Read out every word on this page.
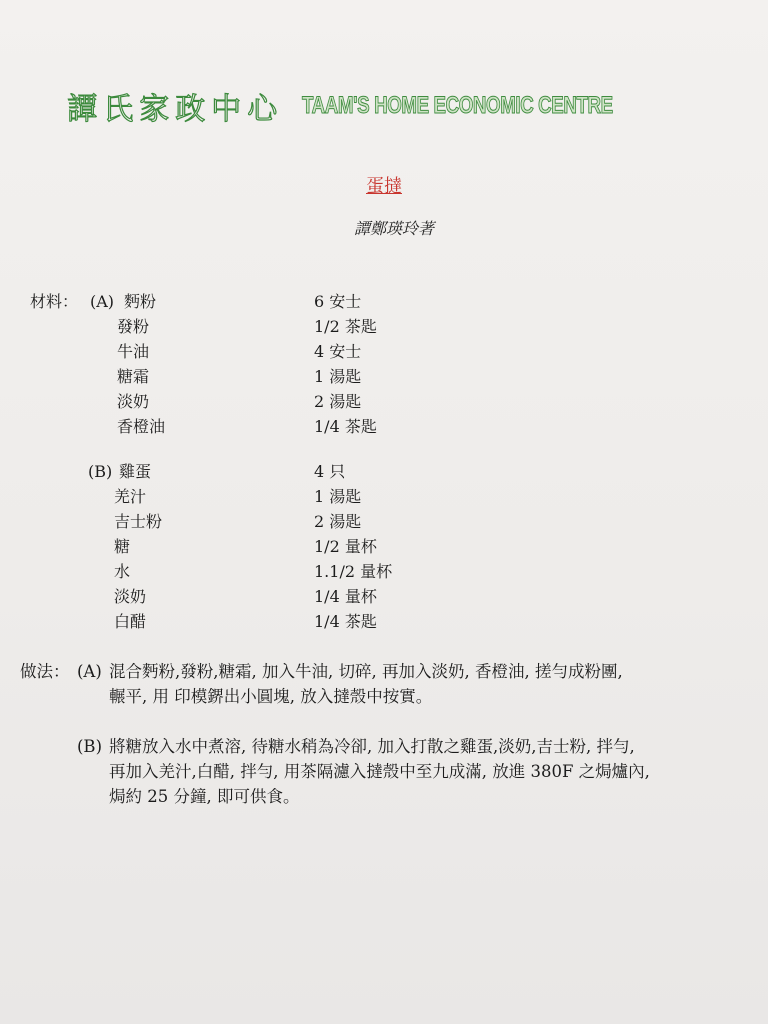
譚氏家政中心 TAAM'S HOME ECONOMIC CENTRE
蛋撻
譚鄭瑛玲著
材料： (A) 麪粉	6 安士
發粉	1/2 茶匙
牛油	4 安士
糖霜	1 湯匙
淡奶	2 湯匙
香橙油	1/4 茶匙
(B) 雞蛋	4 只
羌汁	1 湯匙
吉士粉	2 湯匙
糖	1/2 量杯
水	1.1/2 量杯
淡奶	1/4 量杯
白醋	1/4 茶匙
做法： (A) 混合麪粉,發粉,糖霜, 加入牛油, 切碎, 再加入淡奶, 香橙油, 搓勻成粉團,
輾平, 用 印模鎅出小圓塊, 放入撻殼中按實。
(B) 將糖放入水中煮溶, 待糖水稍為冷卻, 加入打散之雞蛋,淡奶,吉士粉, 拌勻,
再加入羌汁,白醋, 拌勻, 用茶隔濾入撻殼中至九成滿, 放進 380F 之焗爐內,
焗約 25 分鐘, 即可供食。
